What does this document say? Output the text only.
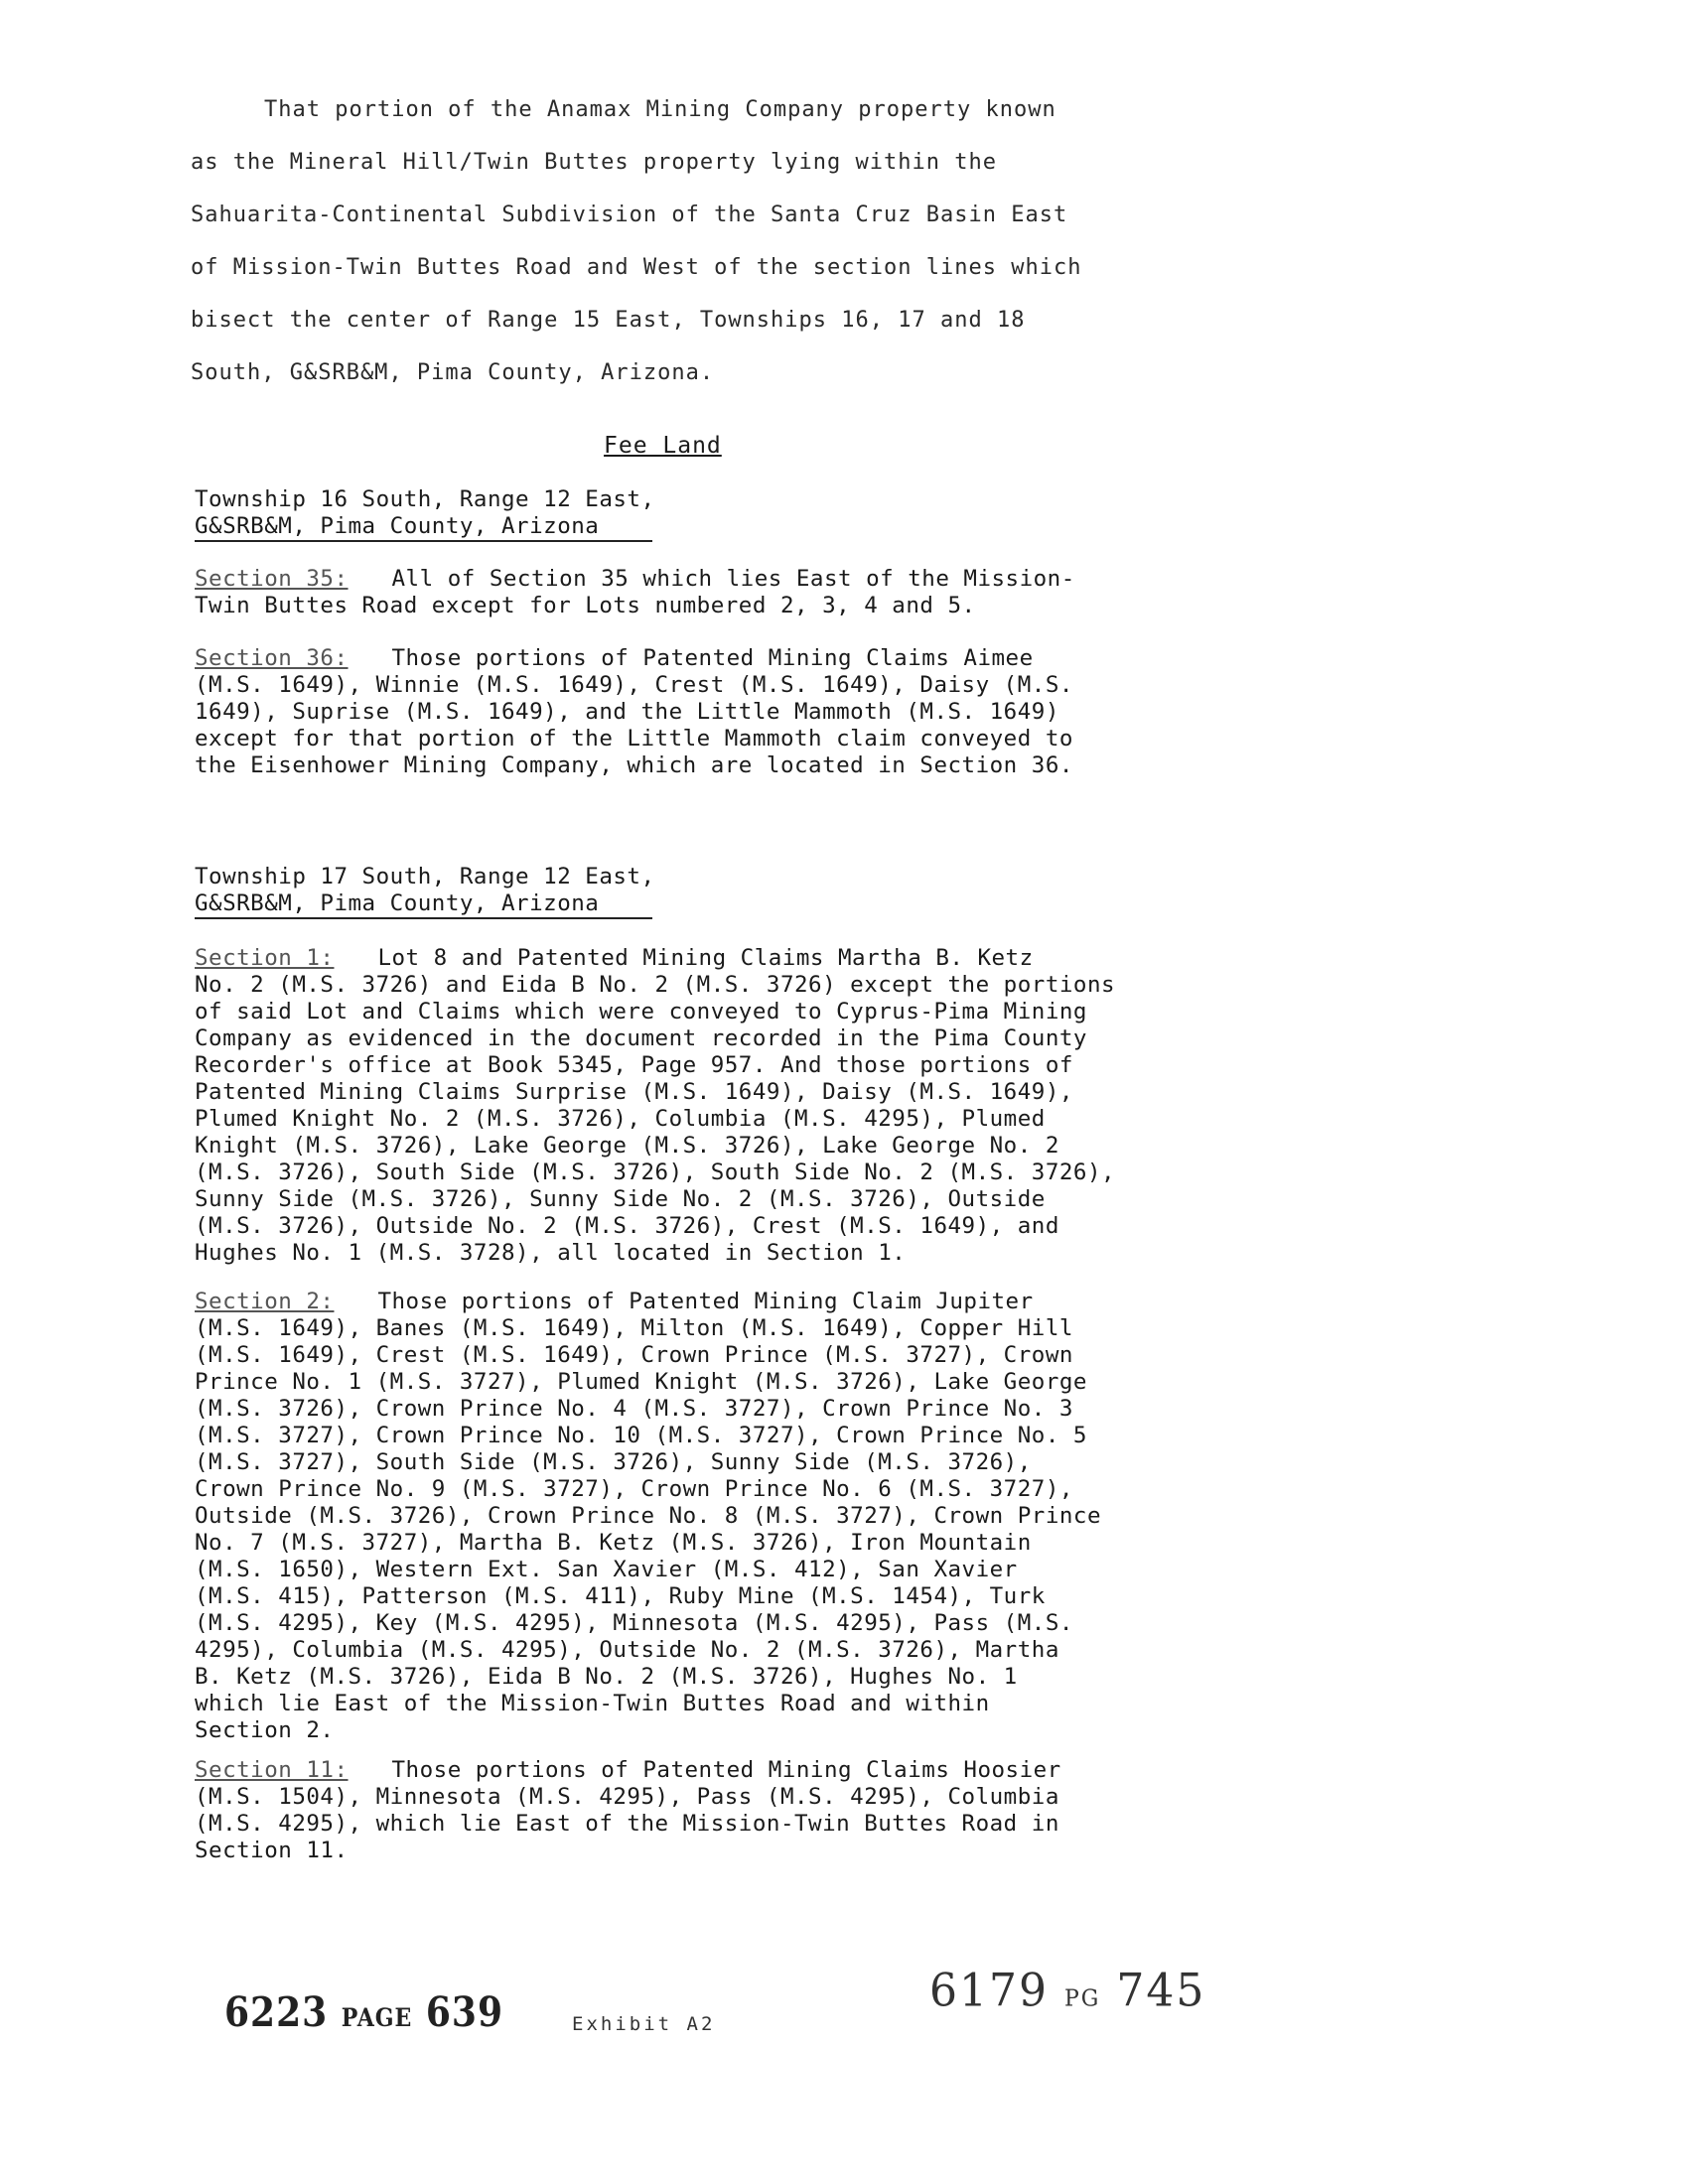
That portion of the Anamax Mining Company property known

as the Mineral Hill/Twin Buttes property lying within the

Sahuarita-Continental Subdivision of the Santa Cruz Basin East

of Mission-Twin Buttes Road and West of the section lines which

bisect the center of Range 15 East, Townships 16, 17 and 18

South, G&SRB&M, Pima County, Arizona.

Fee Land

Township 16 South, Range 12 East,

G&SRB&M, Pima County, Arizona

Section 35: All of Section 35 which lies East of the Mission-

Twin Buttes Road except for Lots numbered 2, 3, 4 and 5.

Section 36: Those portions of Patented Mining Claims Aimee

(M.S. 1649), Winnie (M.S. 1649), Crest (M.S. 1649), Daisy (M.S.

1649), Suprise (M.S. 1649), and the Little Mammoth (M.S. 1649)

except for that portion of the Little Mammoth claim conveyed to

the Eisenhower Mining Company, which are located in Section 36.

Township 17 South, Range 12 East,

G&SRB&M, Pima County, Arizona

Section 1: Lot 8 and Patented Mining Claims Martha B. Ketz

No. 2 (M.S. 3726) and Eida B No. 2 (M.S. 3726) except the portions

of said Lot and Claims which were conveyed to Cyprus-Pima Mining

Company as evidenced in the document recorded in the Pima County

Recorder's office at Book 5345, Page 957. And those portions of

Patented Mining Claims Surprise (M.S. 1649), Daisy (M.S. 1649),

Plumed Knight No. 2 (M.S. 3726), Columbia (M.S. 4295), Plumed

Knight (M.S. 3726), Lake George (M.S. 3726), Lake George No. 2

(M.S. 3726), South Side (M.S. 3726), South Side No. 2 (M.S. 3726),

Sunny Side (M.S. 3726), Sunny Side No. 2 (M.S. 3726), Outside

(M.S. 3726), Outside No. 2 (M.S. 3726), Crest (M.S. 1649), and

Hughes No. 1 (M.S. 3728), all located in Section 1.

Section 2: Those portions of Patented Mining Claim Jupiter

(M.S. 1649), Banes (M.S. 1649), Milton (M.S. 1649), Copper Hill

(M.S. 1649), Crest (M.S. 1649), Crown Prince (M.S. 3727), Crown

Prince No. 1 (M.S. 3727), Plumed Knight (M.S. 3726), Lake George

(M.S. 3726), Crown Prince No. 4 (M.S. 3727), Crown Prince No. 3

(M.S. 3727), Crown Prince No. 10 (M.S. 3727), Crown Prince No. 5

(M.S. 3727), South Side (M.S. 3726), Sunny Side (M.S. 3726),

Crown Prince No. 9 (M.S. 3727), Crown Prince No. 6 (M.S. 3727),

Outside (M.S. 3726), Crown Prince No. 8 (M.S. 3727), Crown Prince

No. 7 (M.S. 3727), Martha B. Ketz (M.S. 3726), Iron Mountain

(M.S. 1650), Western Ext. San Xavier (M.S. 412), San Xavier

(M.S. 415), Patterson (M.S. 411), Ruby Mine (M.S. 1454), Turk

(M.S. 4295), Key (M.S. 4295), Minnesota (M.S. 4295), Pass (M.S.

4295), Columbia (M.S. 4295), Outside No. 2 (M.S. 3726), Martha

B. Ketz (M.S. 3726), Eida B No. 2 (M.S. 3726), Hughes No. 1

which lie East of the Mission-Twin Buttes Road and within

Section 2.

Section 11: Those portions of Patented Mining Claims Hoosier

(M.S. 1504), Minnesota (M.S. 4295), Pass (M.S. 4295), Columbia

(M.S. 4295), which lie East of the Mission-Twin Buttes Road in

Section 11.

6223 PAGE 639	Exhibit A2
6179 PG 745
